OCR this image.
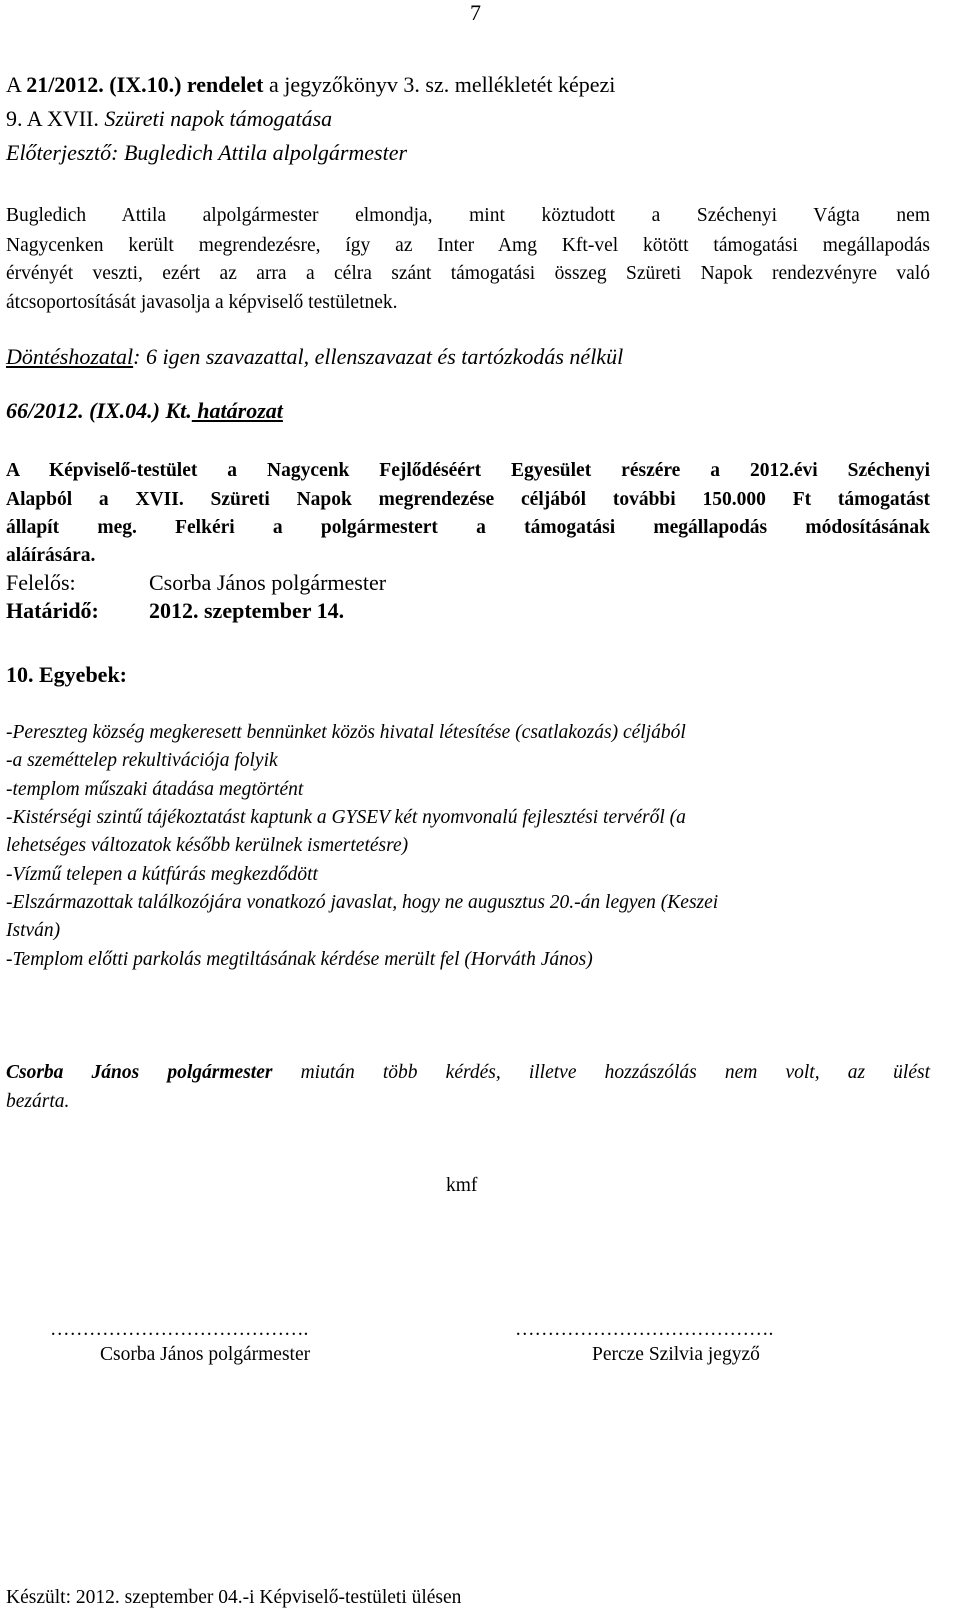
7
A 21/2012. (IX.10.) rendelet a jegyzőkönyv 3. sz. mellékletét képezi
9. A XVII. Szüreti napok támogatása
Előterjesztő: Bugledich Attila alpolgármester
Bugledich Attila alpolgármester elmondja, mint köztudott a Széchenyi Vágta nem
Nagycenken került megrendezésre, így az Inter Amg Kft-vel kötött támogatási megállapodás
érvényét veszti, ezért az arra a célra szánt támogatási összeg Szüreti Napok rendezvényre való
átcsoportosítását javasolja a képviselő testületnek.
Döntéshozatal: 6 igen szavazattal, ellenszavazat és tartózkodás nélkül
66/2012. (IX.04.) Kt. határozat
A Képviselő-testület a Nagycenk Fejlődéséért Egyesület részére a 2012.évi Széchenyi
Alapból a XVII. Szüreti Napok megrendezése céljából további 150.000 Ft támogatást
állapít meg. Felkéri a polgármestert a támogatási megállapodás módosításának
aláírására.
Felelős:	Csorba János polgármester
Határidő: 2012. szeptember 14.
10. Egyebek:
-Pereszteg község megkeresett bennünket közös hivatal létesítése (csatlakozás) céljából
-a szeméttelep rekultivációja folyik
-templom műszaki átadása megtörtént
-Kistérségi szintű tájékoztatást kaptunk a GYSEV két nyomvonalú fejlesztési tervéről (a
lehetséges változatok később kerülnek ismertetésre)
-Vízmű telepen a kútfúrás megkezdődött
-Elszármazottak találkozójára vonatkozó javaslat, hogy ne augusztus 20.-án legyen (Keszei
István)
-Templom előtti parkolás megtiltásának kérdése merült fel (Horváth János)
Csorba János polgármester miután több kérdés, illetve hozzászólás nem volt, az ülést
bezárta.
kmf
………………………………….
Csorba János polgármester
………………………………….
Percze Szilvia jegyző
Készült: 2012. szeptember 04.-i Képviselő-testületi ülésen
